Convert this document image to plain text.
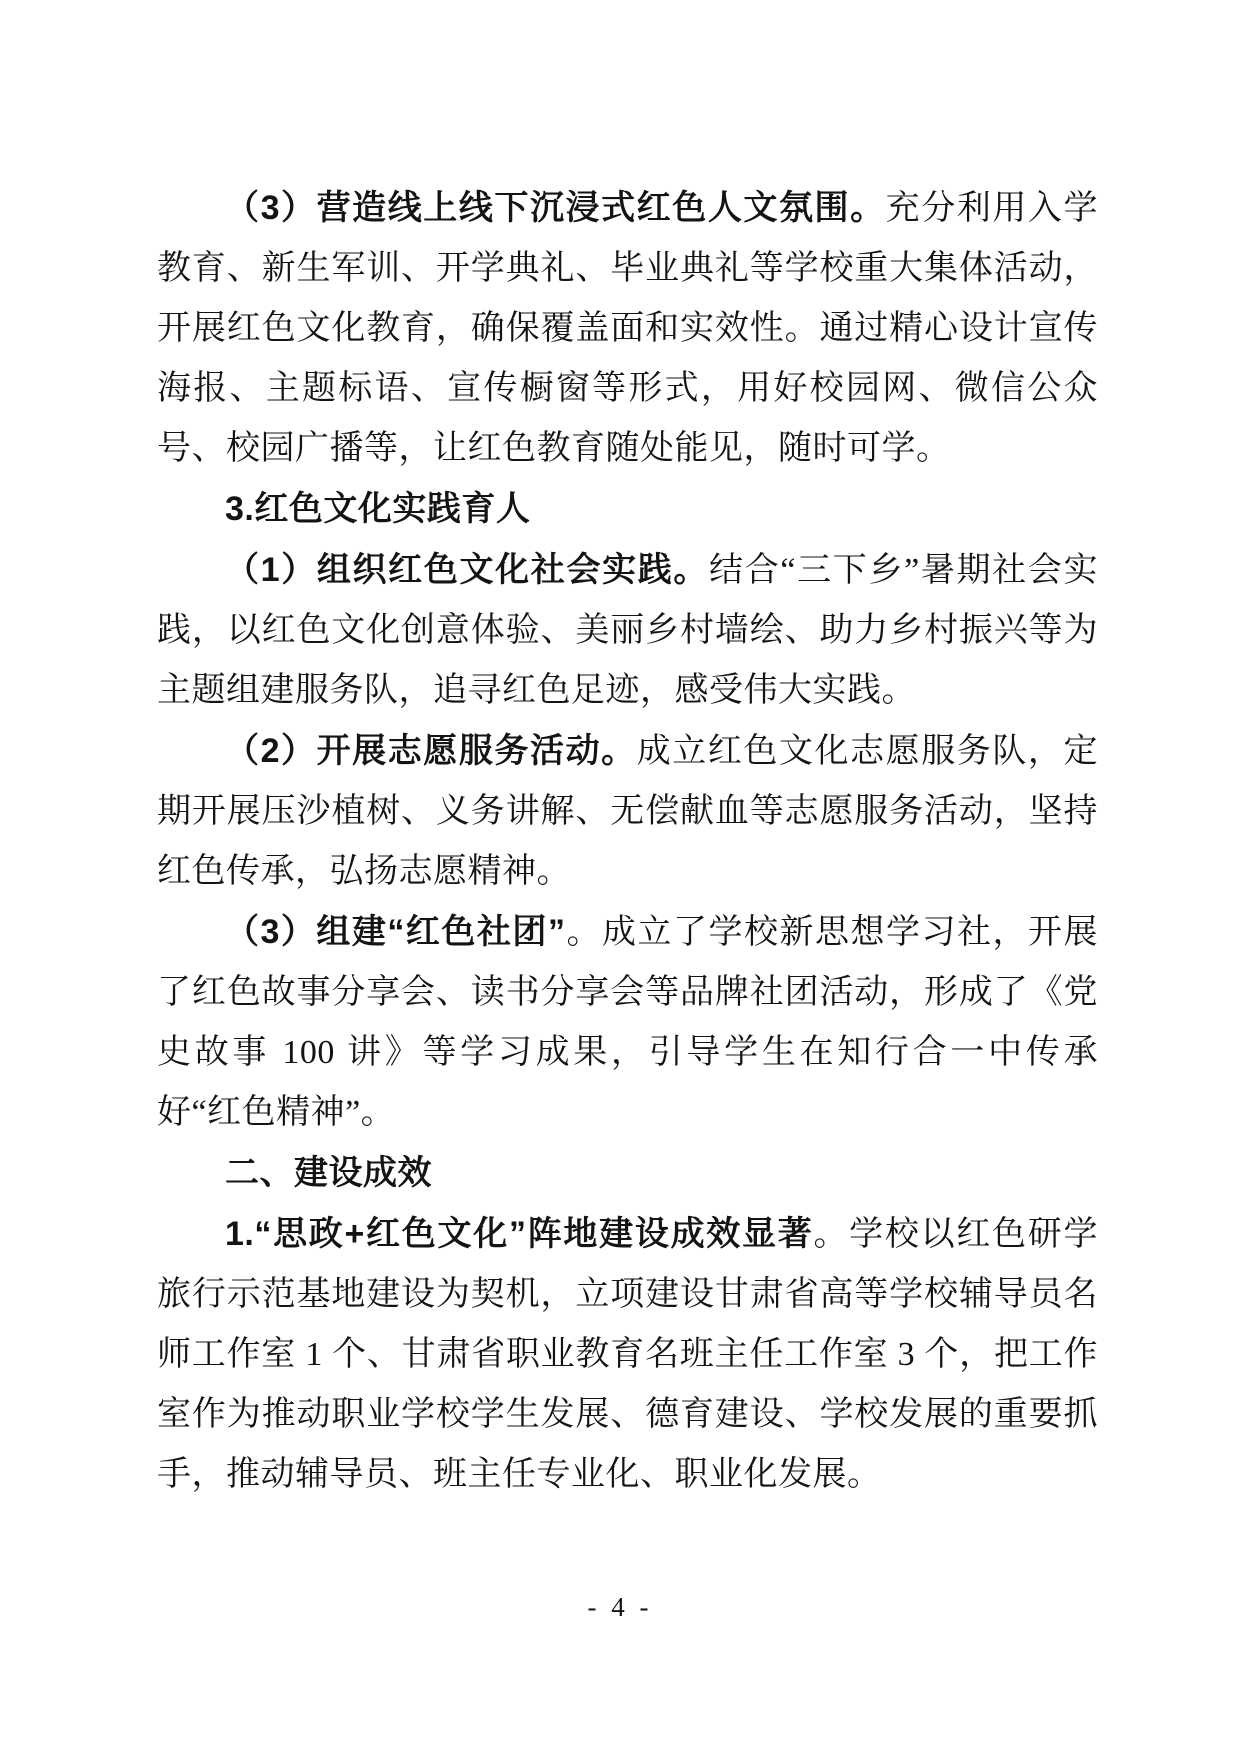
（3）营造线上线下沉浸式红色人文氛围。充分利用入学教育、新生军训、开学典礼、毕业典礼等学校重大集体活动，开展红色文化教育，确保覆盖面和实效性。通过精心设计宣传海报、主题标语、宣传橱窗等形式，用好校园网、微信公众号、校园广播等，让红色教育随处能见，随时可学。

3.红色文化实践育人

（1）组织红色文化社会实践。结合“三下乡”暑期社会实践，以红色文化创意体验、美丽乡村墙绘、助力乡村振兴等为主题组建服务队，追寻红色足迹，感受伟大实践。

（2）开展志愿服务活动。成立红色文化志愿服务队，定期开展压沙植树、义务讲解、无偿献血等志愿服务活动，坚持红色传承，弘扬志愿精神。

（3）组建“红色社团”。成立了学校新思想学习社，开展了红色故事分享会、读书分享会等品牌社团活动，形成了《党史故事 100 讲》等学习成果，引导学生在知行合一中传承好“红色精神”。

二、建设成效

1.“思政+红色文化”阵地建设成效显著。学校以红色研学旅行示范基地建设为契机，立项建设甘肃省高等学校辅导员名师工作室 1 个、甘肃省职业教育名班主任工作室 3 个，把工作室作为推动职业学校学生发展、德育建设、学校发展的重要抓手，推动辅导员、班主任专业化、职业化发展。

- 4 -
